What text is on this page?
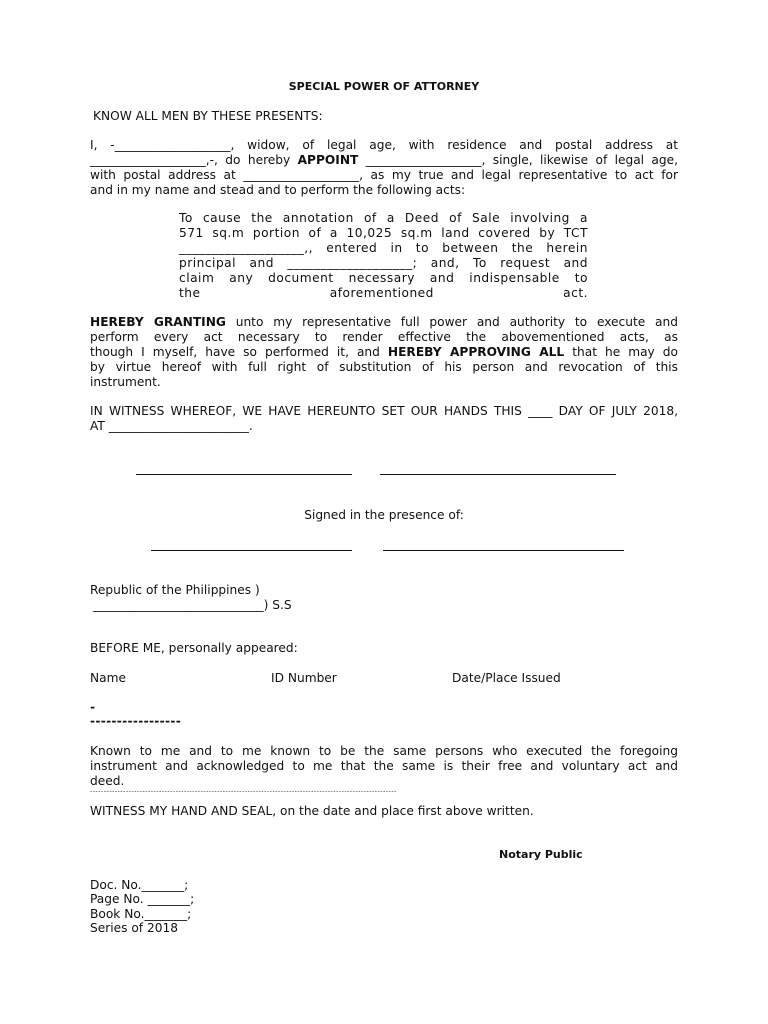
SPECIAL POWER OF ATTORNEY
KNOW ALL MEN BY THESE PRESENTS:
I, -___________________, widow, of legal age, with residence and postal address at
___________________,-, do hereby APPOINT ___________________, single, likewise of legal age,
with postal address at ___________________, as my true and legal representative to act for
and in my name and stead and to perform the following acts:
To cause the annotation of a Deed of Sale involving a
571 sq.m portion of a 10,025 sq.m land covered by TCT
___________________,, entered in to between the herein
principal and ___________________; and, To request and
claim any document necessary and indispensable to
the	aforementioned	act.
HEREBY GRANTING unto my representative full power and authority to execute and
perform every act necessary to render effective the abovementioned acts, as
though I myself, have so performed it, and HEREBY APPROVING ALL that he may do
by virtue hereof with full right of substitution of his person and revocation of this
instrument.
IN WITNESS WHEREOF, WE HAVE HEREUNTO SET OUR HANDS THIS ____ DAY OF JULY 2018,
AT _______________________.
Signed in the presence of:
Republic of the Philippines )
____________________________) S.S
BEFORE ME, personally appeared:
Name	ID Number	Date/Place Issued
-
-----------------
Known to me and to me known to be the same persons who executed the foregoing
instrument and acknowledged to me that the same is their free and voluntary act and
deed.
---------------------------------------------------------------------------------------------------------------
WITNESS MY HAND AND SEAL, on the date and place first above written.
Notary Public
Doc. No._______;
Page No. _______;
Book No._______;
Series of 2018
